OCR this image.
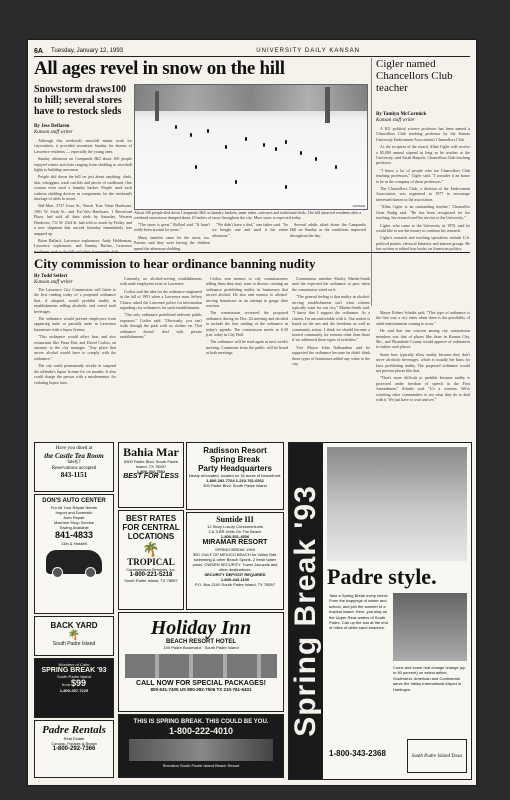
6A Tuesday, January 12, 1993	UNIVERSITY DAILY KANSAN
All ages revel in snow on the hill
Snowstorm draws100 to hill; several stores have to restock sleds
By Jess Deflaren
Kansan staff writer

Although this weekend's snowfall meant work for cityworkers, it provided recreation Sunday for dozens of Lawrence residents — especially the young ones.

Sunday afternoon on Campanile Hill about 100 people enjoyed winter activities ranging from sledding to snowball fights to building snowmen.

People slid down the hill on just about anything: sleds, skis, toboggans, trash can lids and pieces of cardboard. One woman even used a laundry basket. People used such cushion sledding devices as components for the weekend's shortage of sleds in stores.

Wal-Mart, 3727 Iowa St.; Rusch True Value Hardware, 1901 W. Sixth St.; and Tru-Valu Hardware, 1 Riverfront Plaza, had sold all their sleds by Saturday. Western Hardware, 711 W. 23rd St. had sold so much by Friday, and a new shipment that arrived Saturday immediately was snapped up.

Brian Ballard, Lawrence sophomore, Andy Holderman, Lawrence sophomore, and Sammy Rufino, Lawrence

KANSAN
About 100 people sled down Campanile Hill on laundry baskets, inner tubes, suitcases and traditional sleds. The hill attracted residents after a weekend snowstorm dumped about 10 inches of snow throughout the city. More snow is expected today.

"The snow is great," Ballard said. "It hasn't really been around for years."

Many families came for the snow, too. Parents said they were having the children spend the afternoon sledding.

"We didn't have a sled," one father said. "So we bought one and used it the entire afternoon."

Several adults skied down the Campanile Hill on Sunday as the conditions improved throughout the day.

Cigler named Chancellors Club teacher
By Tamlyn McCormick
Kansan staff writer

A KU political science professor has been named a Chancellors Club teaching professor by the Kansas University Endowment Association's Chancellors Club.

As the recipient of the award, Allan Cigler will receive a $5,000 annual stipend as long as he teaches at the University, said Sarah Harpole, Chancellors Club teaching professor.

"I know a lot of people who are Chancellors Club teaching professors," Cigler said. "I consider it an honor to be in the company of those professors."

The Chancellors Club, a division of the Endowment Association, was organized in 1977 to encourage interested donors to the association.

"Allan Cigler is an outstanding teacher," Chancellor Gene Budig said. "He has been recognized for his teaching, his research and his service to the University."

Cigler, who came to the University in 1970, said he would like to use the money to continue his research.

Cigler's research and teaching specialties include U.S. political parties, electoral behavior and interest groups. He has written or edited four books on American politics.

City commission to hear ordinance banning nudity
By Todd Seifert
Kansan staff writer

The Lawrence City Commission will listen to the first reading today of a proposed ordinance that, if adopted, would prohibit nudity in establishments selling alcoholic and cereal malt beverages.

The ordinance would prevent employees from appearing nude or partially nude in Lawrence businesses with a liquor license.

"This ordinance would affect bars and also restaurants like Pizza Hut, and David Corliss, an attorney to the city manager. "Any place that serves alcohol would have to comply with the ordinance."

The city could permanently revoke or suspend the offender's liquor license for six months. It also could charge the person with a misdemeanor for violating liquor laws.

Currently, no alcohol-serving establishments with nude employees exist in Lawrence.

Corliss said the idea for the ordinance originated in the fall of 1991 when a Lawrence man, Jeffrey Chiaro, asked the Lawrence police for information regarding city ordinances for such establishments.

"Our only ordinance prohibited indecent public exposure," Corliss said. "Obviously, you can't walk through the park with no clothes on. That ordinance doesn't deal with private establishments."

Corliss sent memos to city commissioners telling them they may want to discuss creating an ordinance prohibiting nudity in businesses that served alcohol. He also sent memos to alcohol-serving businesses in an attempt to gauge their reaction.

The commission reviewed the proposed ordinance during its Dec. 22 meeting and decided to include the first reading of the ordinance in today's agenda. The commission meets at 6:30 p.m. today in City Hall.

The ordinance will be read again at next week's meeting. Comments from the public will be heard at both meetings.

Commission member Shirley Martin-Smith said she expected the ordinance to pass when the commission voted on it.

"The general feeling is that nudity in alcohol-serving establishments isn't what citizens typically want for our city," Martin-Smith said. "I know that I support the ordinance. As a citizen, I'm uncomfortable with it. Our nation is based on the arts and the freedoms as well as community action. I think we should become a trusted community for reasons other than those if we addressed those types of activities."

Vice Mayor John Nalbandian said he supported the ordinance because he didn't think those types of businesses added any value to the city.

Mayor Robert Schulte said, "This type of ordinance is the first way a city takes when there is the possibility of adult entertainment coming to town."

He said that one concern among city commission members was that of places like those in Kansas City, Mo., and Wyandotte County would approve of ordinances to outlaw such places.

Some bars typically allow nudity because they don't serve alcoholic beverages, which is usually the basis for laws prohibiting nudity. The proposed ordinance would not prevent places like that.

"That's more difficult to prohibit because nudity is protected under freedom of speech in the First Amendment," Schulte said. "It's a concern. We're watching other communities to see what they do to deal with it. We just have to wait and see."

Have you dined at

the Castle Tea Room
lately?
Reservations accepted
843-1151
DON'S AUTO CENTER
For All Your Repair Needs
Import and Domestic
Auto Repair
Machine Shop Service
Towing Available

841-4833
11th & Haskell
BACK YARD
🌴
South Padre Island
Wonders of Cabo

SPRING BREAK '93
South Padre Island
from $99
1-800-257-7225
Padre Rentals
Real Estate
Condos, Houses & Beach
1-800-292-7366
Bahia Mar
6300 Padre Blvd. South Padre Island, TX 78597
1-800-292-7502
BEST FOR LESS
BEST RATES FOR CENTRAL LOCATIONS
🌴
TROPICAL
Condominium Services, Inc.
1-800-221-5218
South Padre Island, TX 78597
Radisson Resort
Spring Break
Party Headquarters
Newly renovated, located on 16 acres of beachfront.
1-800-292-7704 1-210-761-6511
500 Padre Blvd. South Padre Island
Suntide III
12 Story Luxury Condominiums
2 & 3 BR Units On The Beach
1-800-531-4536
MIRAMAR RESORT
SPRING BREAK 1993
500' GULF OF MEXICO BEACH for Volley Ball, swimming & other Beach Sports. 2 fresh water pools. OWSEN SECURITY. Tower Jacuzzis and other destinations.
SECURITY DEPOSIT REQUIRED
1-800-443-1100
P.O. Box 2100 South Padre Island, TX 78597
Holiday Inn
BEACH RESORT HOTEL
100 Padre Boulevard · South Padre Island

CALL NOW FOR SPECIAL PACKAGES!
800-531-7405 US 800-292-7506 TX 210-761-5401
THIS IS SPRING BREAK. THIS COULD BE YOU.
1-800-222-4010
Sheraton South Padre Island Beach Resort
Spring Break '93 Padre style.
Take a Spring Break every check. From the trappings of winter and school, and join the warmth of a tropical island. Here, you stay on the Upper Rear waters of South Padre. Can up the sun at the end of miles of white sand beaches.
Come and some real change change (up to 50 percent) on select airline, Southwest, American and Continental serve the Valley International Airport in Harlingen.
1-800-343-2368	South Padre Island Texas
